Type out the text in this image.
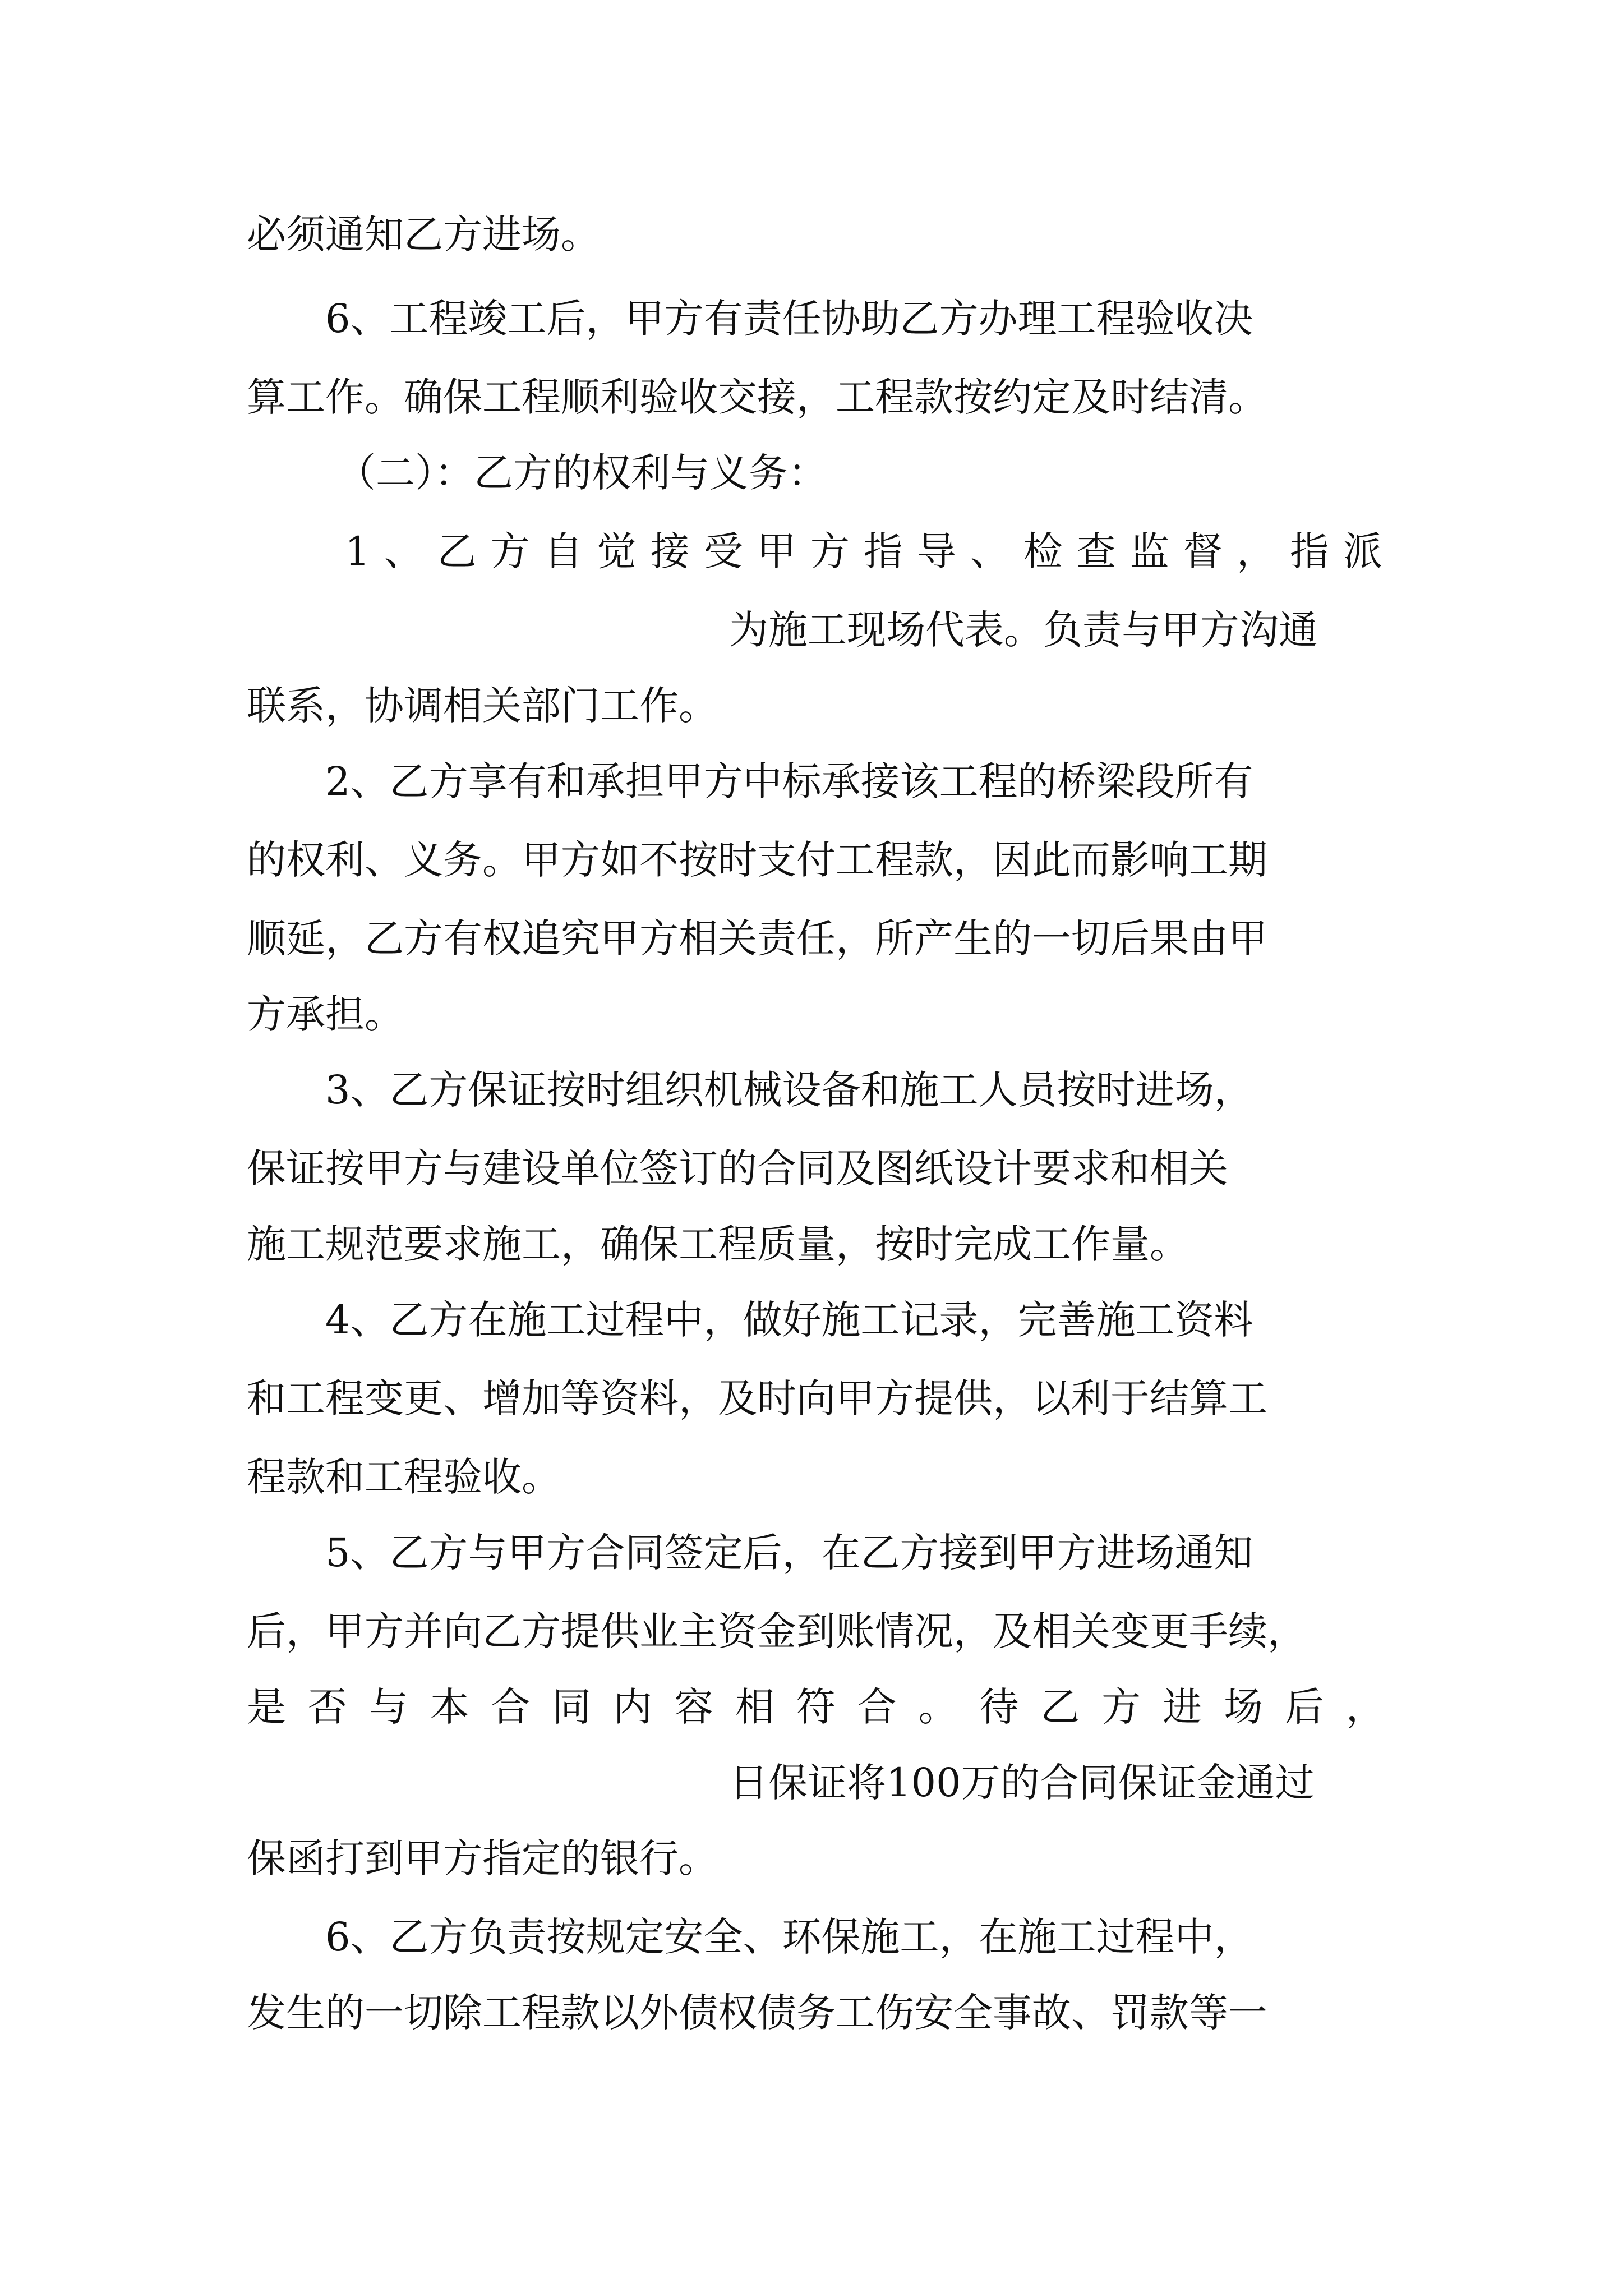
必须通知乙方进场。
6、工程竣工后，甲方有责任协助乙方办理工程验收决
算工作。确保工程顺利验收交接，工程款按约定及时结清。
（二）：乙方的权利与义务：
1 、 乙 方 自 觉 接 受 甲 方 指 导 、 检 查 监 督 ， 指 派
为施工现场代表。负责与甲方沟通
联系，协调相关部门工作。
2、乙方享有和承担甲方中标承接该工程的桥梁段所有
的权利、义务。甲方如不按时支付工程款，因此而影响工期
顺延，乙方有权追究甲方相关责任，所产生的一切后果由甲
方承担。
3、乙方保证按时组织机械设备和施工人员按时进场，
保证按甲方与建设单位签订的合同及图纸设计要求和相关
施工规范要求施工，确保工程质量，按时完成工作量。
4、乙方在施工过程中，做好施工记录，完善施工资料
和工程变更、增加等资料，及时向甲方提供，以利于结算工
程款和工程验收。
5、乙方与甲方合同签定后，在乙方接到甲方进场通知
后，甲方并向乙方提供业主资金到账情况，及相关变更手续，
是 否 与 本 合 同 内 容 相 符 合 。 待 乙 方 进 场 后 ，
日保证将100万的合同保证金通过
保函打到甲方指定的银行。
6、乙方负责按规定安全、环保施工，在施工过程中，
发生的一切除工程款以外债权债务工伤安全事故、罚款等一
